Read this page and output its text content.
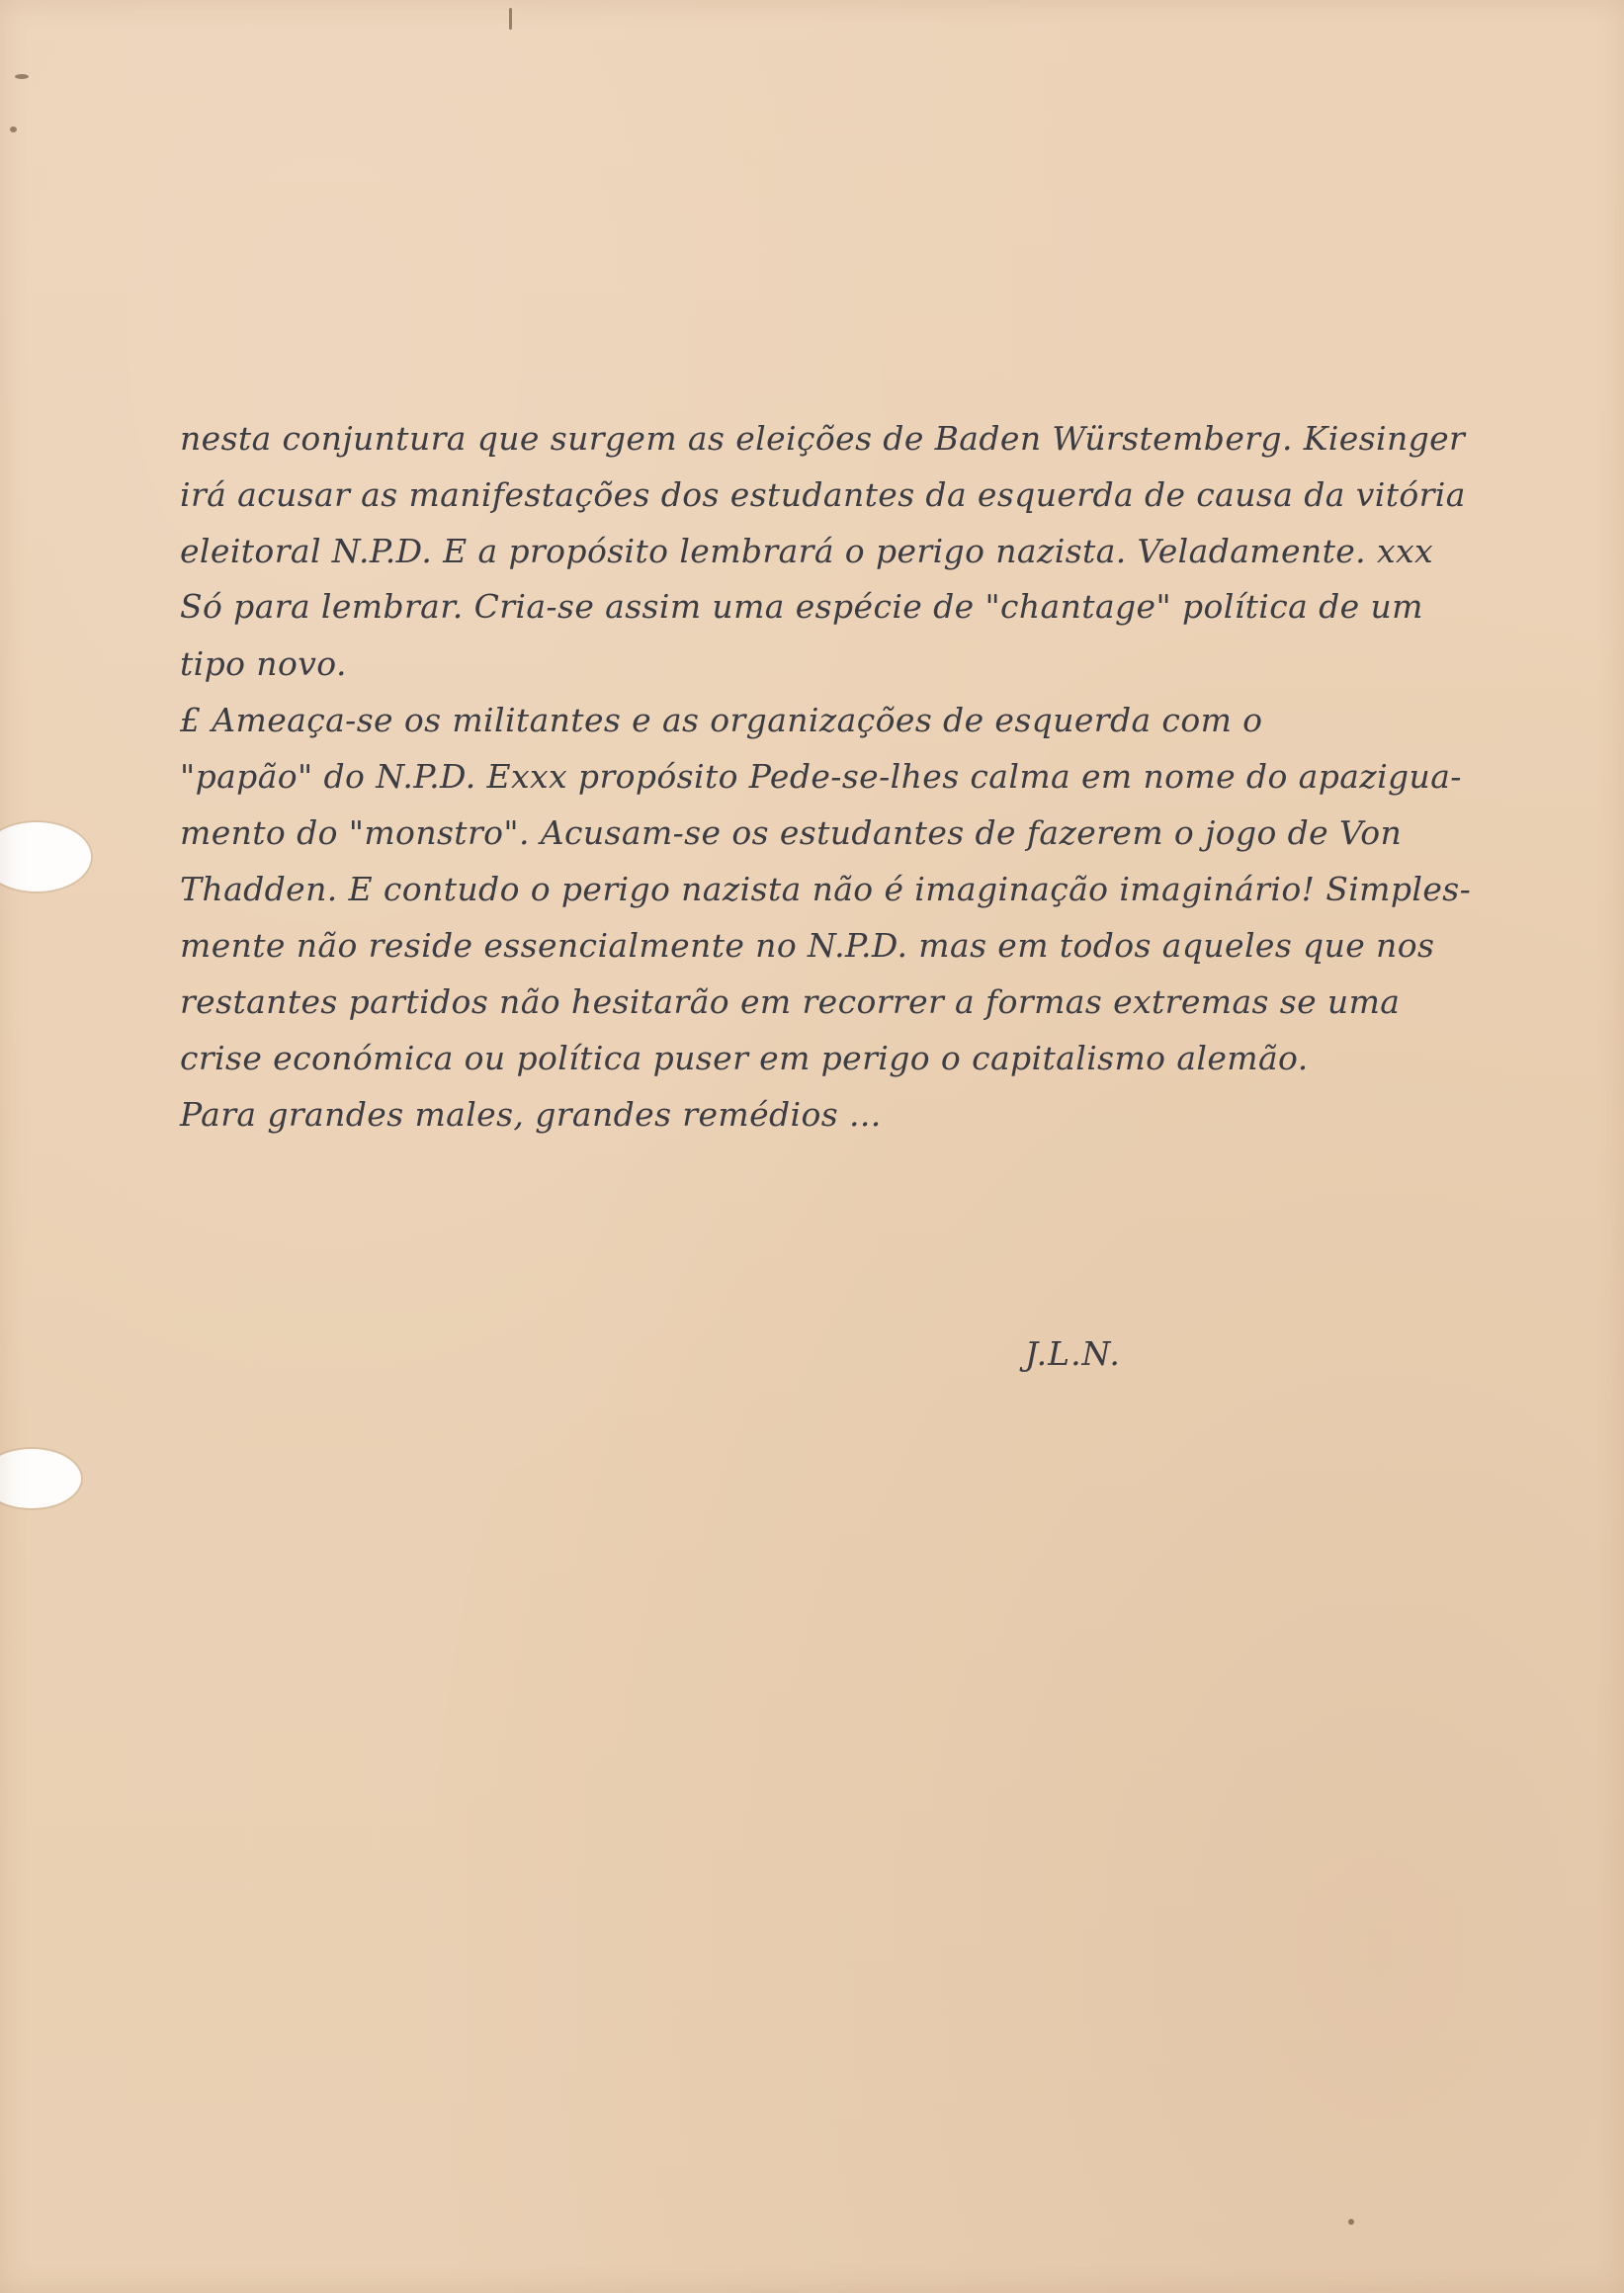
nesta conjuntura que surgem as eleições de Baden Würstemberg. Kiesinger

irá acusar as manifestações dos estudantes da esquerda de causa da vitória

eleitoral N.P.D. E a propósito lembrará o perigo nazista. Veladamente. xxx

Só para lembrar. Cria-se assim uma espécie de "chantage" política de um

tipo novo.

£ Ameaça-se os militantes e as organizações de esquerda com o

"papão" do N.P.D. Exxx propósito Pede-se-lhes calma em nome do apazigua-

mento do "monstro". Acusam-se os estudantes de fazerem o jogo de Von

Thadden. E contudo o perigo nazista não é imaginação imaginário! Simples-

mente não reside essencialmente no N.P.D. mas em todos aqueles que nos

restantes partidos não hesitarão em recorrer a formas extremas se uma

crise económica ou política puser em perigo o capitalismo alemão.

Para grandes males, grandes remédios ...

J.L.N.
